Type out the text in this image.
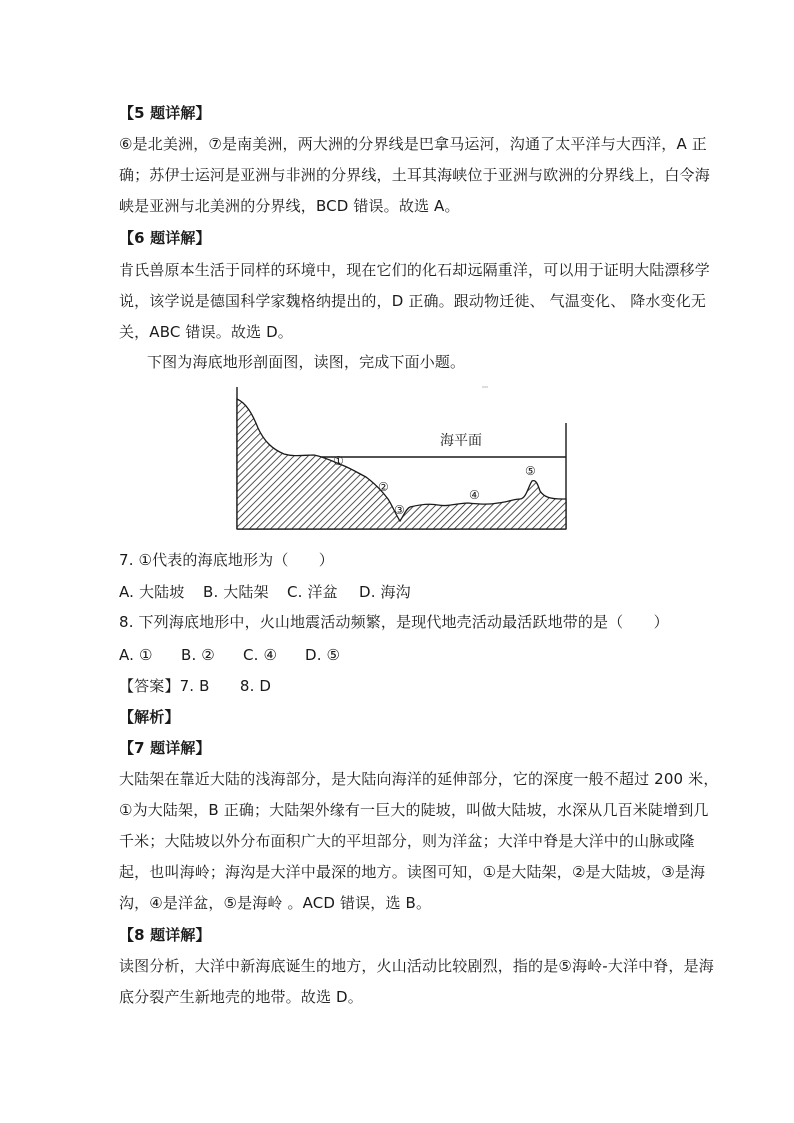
【5 题详解】
⑥是北美洲，⑦是南美洲，两大洲的分界线是巴拿马运河，沟通了太平洋与大西洋，A 正
确；苏伊士运河是亚洲与非洲的分界线，土耳其海峡位于亚洲与欧洲的分界线上，白令海
峡是亚洲与北美洲的分界线，BCD 错误。故选 A。
【6 题详解】
肯氏兽原本生活于同样的环境中，现在它们的化石却远隔重洋，可以用于证明大陆漂移学
说，该学说是德国科学家魏格纳提出的，D 正确。跟动物迁徙、 气温变化、 降水变化无
关，ABC 错误。故选 D。
下图为海底地形剖面图，读图，完成下面小题。
海平面
①
②
③
④
⑤
7. ①代表的海底地形为（　　）
A. 大陆坡 B. 大陆架 C. 洋盆 D. 海沟
8. 下列海底地形中，火山地震活动频繁，是现代地壳活动最活跃地带的是（　　）
A. ① B. ② C. ④ D. ⑤
【答案】7. B　　8. D
【解析】
【7 题详解】
大陆架在靠近大陆的浅海部分，是大陆向海洋的延伸部分，它的深度一般不超过 200 米，
①为大陆架，B 正确；大陆架外缘有一巨大的陡坡，叫做大陆坡，水深从几百米陡增到几
千米；大陆坡以外分布面积广大的平坦部分，则为洋盆；大洋中脊是大洋中的山脉或隆
起，也叫海岭；海沟是大洋中最深的地方。读图可知，①是大陆架，②是大陆坡，③是海
沟，④是洋盆，⑤是海岭 。ACD 错误，选 B。
【8 题详解】
读图分析，大洋中新海底诞生的地方，火山活动比较剧烈，指的是⑤海岭-大洋中脊，是海
底分裂产生新地壳的地带。故选 D。
